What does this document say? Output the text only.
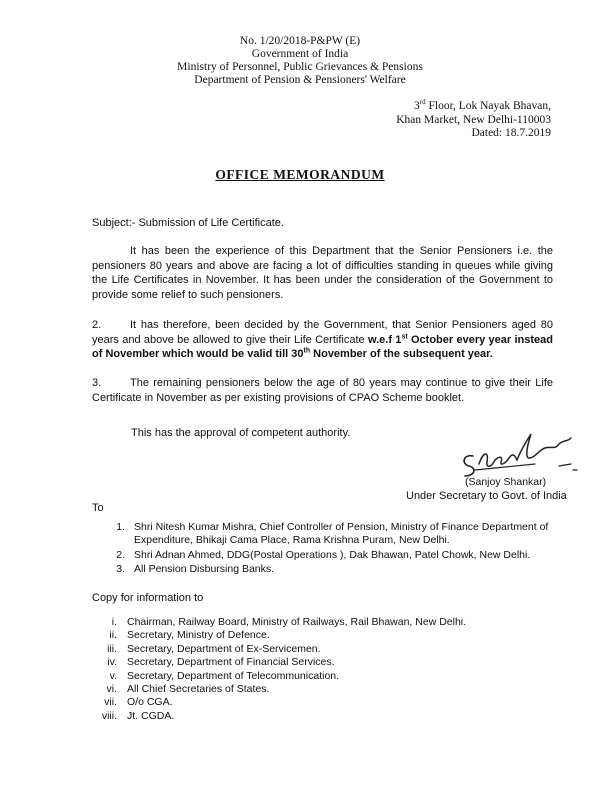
No. 1/20/2018-P&PW (E)
Government of India
Ministry of Personnel, Public Grievances & Pensions
Department of Pension & Pensioners' Welfare
3rd Floor, Lok Nayak Bhavan,
Khan Market, New Delhi-110003
Dated: 18.7.2019
OFFICE MEMORANDUM
Subject:- Submission of Life Certificate.
It has been the experience of this Department that the Senior Pensioners i.e. the pensioners 80 years and above are facing a lot of difficulties standing in queues while giving the Life Certificates in November. It has been under the consideration of the Government to provide some relief to such pensioners.
2.	It has therefore, been decided by the Government, that Senior Pensioners aged 80 years and above be allowed to give their Life Certificate w.e.f 1st October every year instead of November which would be valid till 30th November of the subsequent year.
3.	The remaining pensioners below the age of 80 years may continue to give their Life Certificate in November as per existing provisions of CPAO Scheme booklet.
This has the approval of competent authority.
(Sanjoy Shankar)
Under Secretary to Govt. of India
To
1. Shri Nitesh Kumar Mishra, Chief Controller of Pension, Ministry of Finance Department of Expenditure, Bhikaji Cama Place, Rama Krishna Puram, New Delhi.
2. Shri Adnan Ahmed, DDG(Postal Operations ), Dak Bhawan, Patel Chowk, New Delhi.
3. All Pension Disbursing Banks.
Copy for information to
i. Chairman, Railway Board, Ministry of Railways, Rail Bhawan, New Delhi.
ii. Secretary, Ministry of Defence.
iii. Secretary, Department of Ex-Servicemen.
iv. Secretary, Department of Financial Services.
v. Secretary, Department of Telecommunication.
vi. All Chief Secretaries of States.
vii. O/o CGA.
viii. Jt. CGDA.
